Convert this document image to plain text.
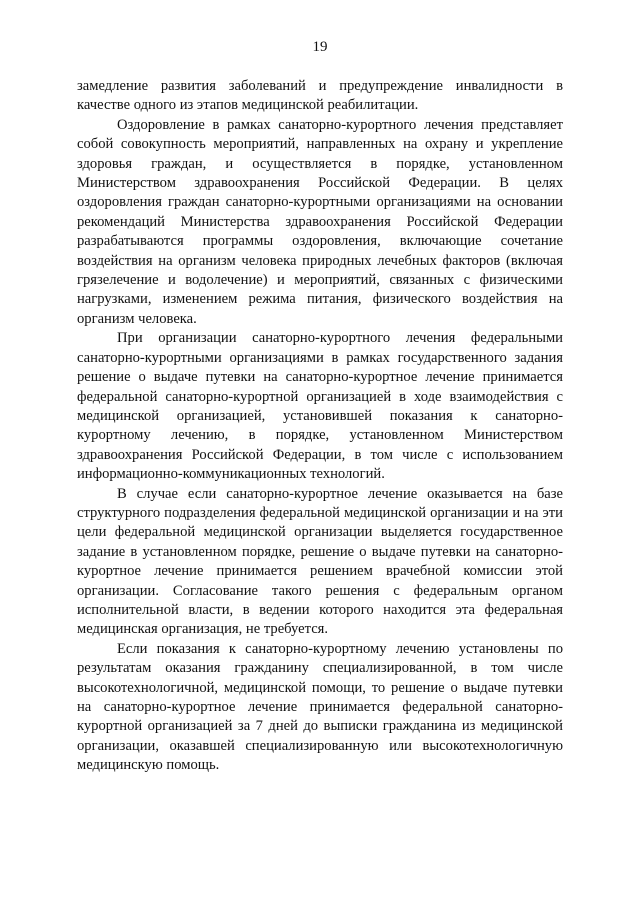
19

замедление развития заболеваний и предупреждение инвалидности в качестве одного из этапов медицинской реабилитации.

Оздоровление в рамках санаторно-курортного лечения представляет собой совокупность мероприятий, направленных на охрану и укрепление здоровья граждан, и осуществляется в порядке, установленном Министерством здравоохранения Российской Федерации. В целях оздоровления граждан санаторно-курортными организациями на основании рекомендаций Министерства здравоохранения Российской Федерации разрабатываются программы оздоровления, включающие сочетание воздействия на организм человека природных лечебных факторов (включая грязелечение и водолечение) и мероприятий, связанных с физическими нагрузками, изменением режима питания, физического воздействия на организм человека.

При организации санаторно-курортного лечения федеральными санаторно-курортными организациями в рамках государственного задания решение о выдаче путевки на санаторно-курортное лечение принимается федеральной санаторно-курортной организацией в ходе взаимодействия с медицинской организацией, установившей показания к санаторно-курортному лечению, в порядке, установленном Министерством здравоохранения Российской Федерации, в том числе с использованием информационно-коммуникационных технологий.

В случае если санаторно-курортное лечение оказывается на базе структурного подразделения федеральной медицинской организации и на эти цели федеральной медицинской организации выделяется государственное задание в установленном порядке, решение о выдаче путевки на санаторно-курортное лечение принимается решением врачебной комиссии этой организации. Согласование такого решения с федеральным органом исполнительной власти, в ведении которого находится эта федеральная медицинская организация, не требуется.

Если показания к санаторно-курортному лечению установлены по результатам оказания гражданину специализированной, в том числе высокотехнологичной, медицинской помощи, то решение о выдаче путевки на санаторно-курортное лечение принимается федеральной санаторно-курортной организацией за 7 дней до выписки гражданина из медицинской организации, оказавшей специализированную или высокотехнологичную медицинскую помощь.
